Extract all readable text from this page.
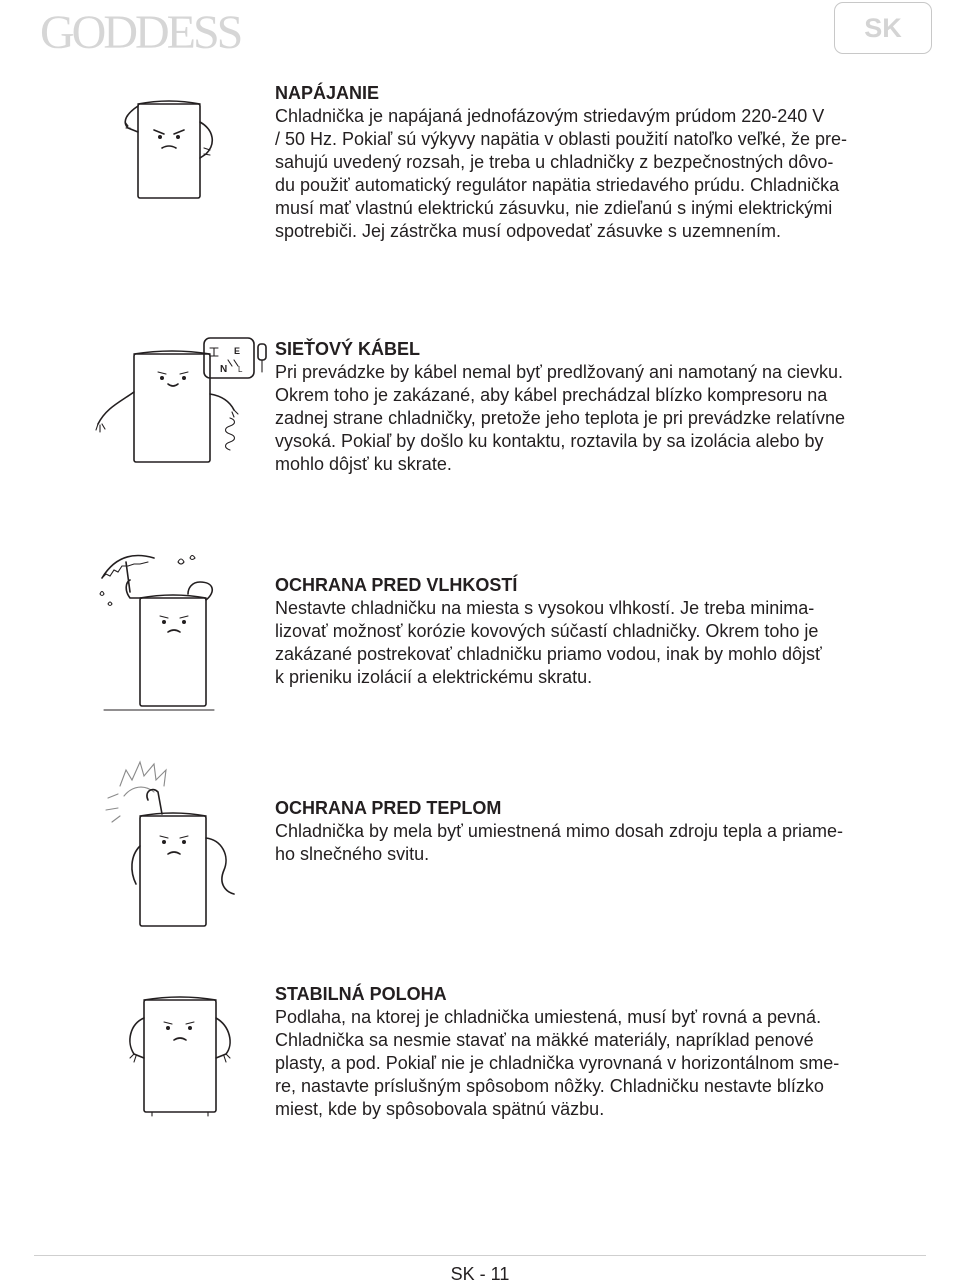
GODDESS	SK
NAPÁJANIE

Chladnička je napájaná jednofázovým striedavým prúdom 220-240 V

/ 50 Hz. Pokiaľ sú výkyvy napätia v oblasti použití natoľko veľké, že pre-

sahujú uvedený rozsah, je treba u chladničky z bezpečnostných dôvo-

du použiť automatický regulátor napätia striedavého prúdu. Chladnička

musí mať vlastnú elektrickú zásuvku, nie zdieľanú s inými elektrickými

spotrebiči. Jej zástrčka musí odpovedať zásuvke s uzemnením.

E
N L
SIEŤOVÝ KÁBEL

Pri prevádzke by kábel nemal byť predlžovaný ani namotaný na cievku.

Okrem toho je zakázané, aby kábel prechádzal blízko kompresoru na

zadnej strane chladničky, pretože jeho teplota je pri prevádzke relatívne

vysoká. Pokiaľ by došlo ku kontaktu, roztavila by sa izolácia alebo by

mohlo dôjsť ku skrate.

OCHRANA PRED VLHKOSTÍ

Nestavte chladničku na miesta s vysokou vlhkostí. Je treba minima-

lizovať možnosť korózie kovových súčastí chladničky. Okrem toho je

zakázané postrekovať chladničku priamo vodou, inak by mohlo dôjsť

k prieniku izolácií a elektrickému skratu.

OCHRANA PRED TEPLOM

Chladnička by mela byť umiestnená mimo dosah zdroju tepla a priame-

ho slnečného svitu.

STABILNÁ POLOHA

Podlaha, na ktorej je chladnička umiestená, musí byť rovná a pevná.

Chladnička sa nesmie stavať na mäkké materiály, napríklad penové

plasty, a pod. Pokiaľ nie je chladnička vyrovnaná v horizontálnom sme-

re, nastavte príslušným spôsobom nôžky. Chladničku nestavte blízko

miest, kde by spôsobovala spätnú väzbu.

SK - 11
